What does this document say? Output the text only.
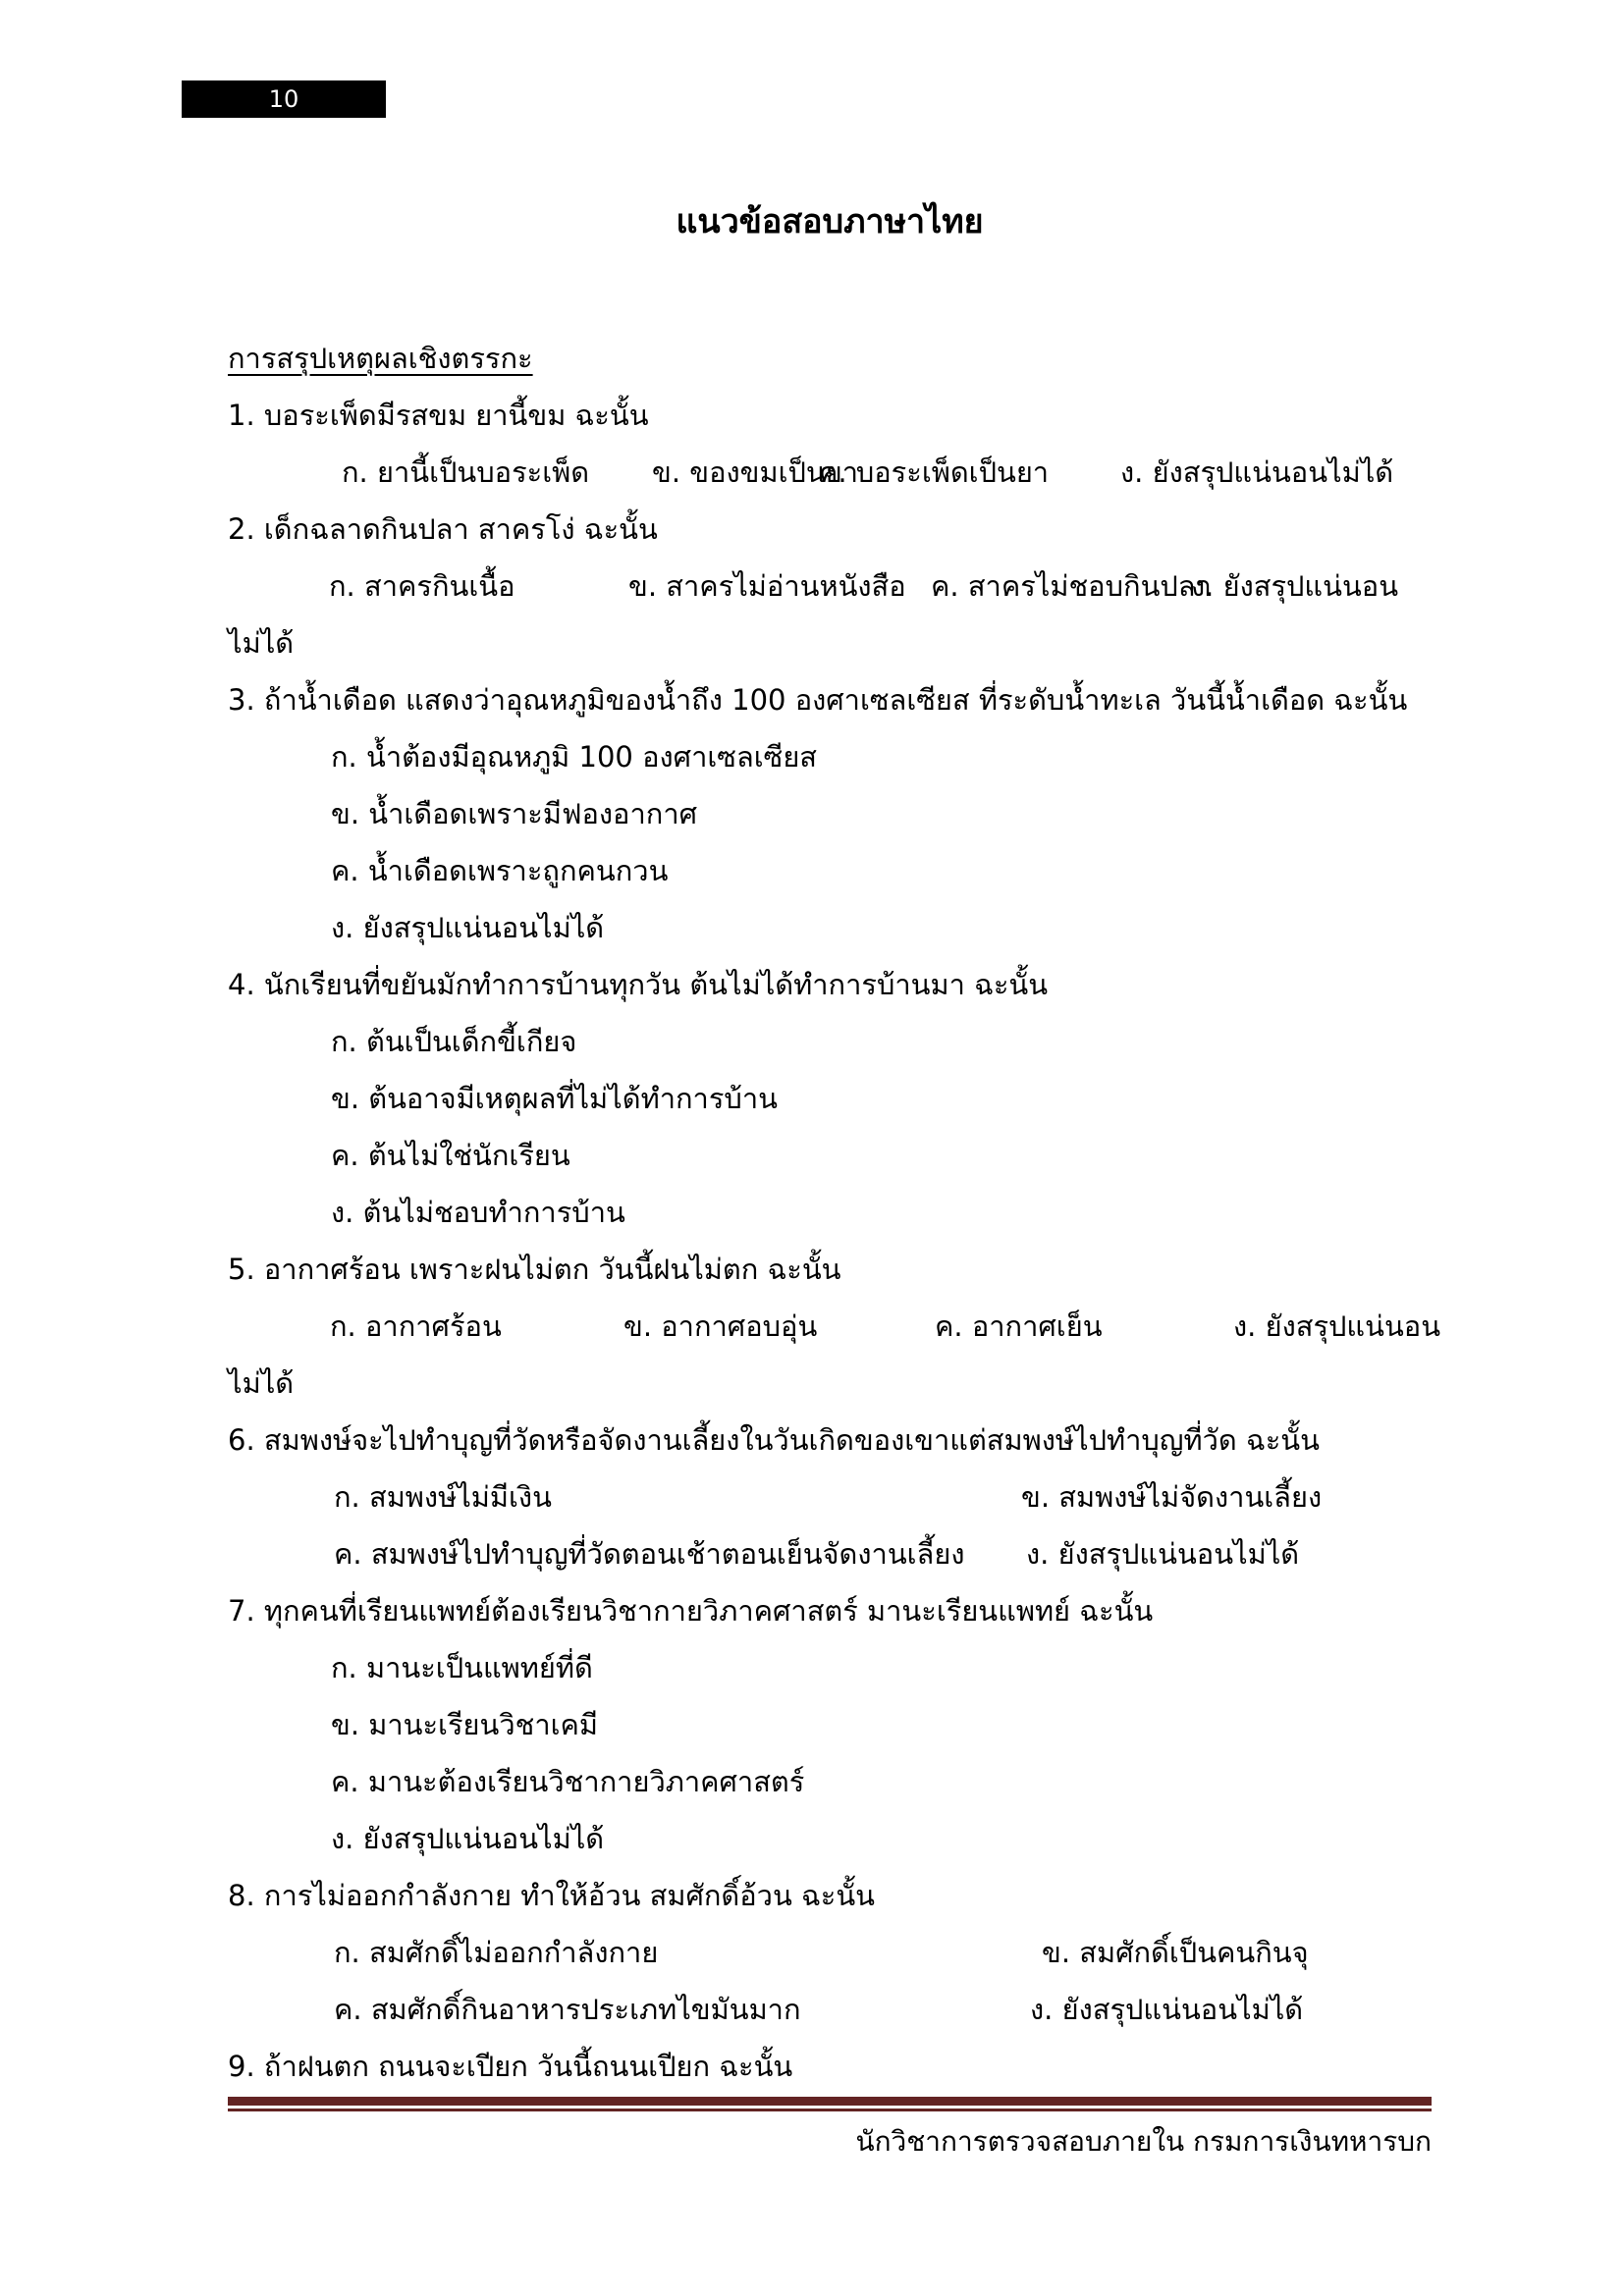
10
แนวข้อสอบภาษาไทย
การสรุปเหตุผลเชิงตรรกะ
1. บอระเพ็ดมีรสขม ยานี้ขม ฉะนั้น
ก. ยานี้เป็นบอระเพ็ด ข. ของขมเป็นยา
ค. บอระเพ็ดเป็นยา	ง. ยังสรุปแน่นอนไม่ได้
2. เด็กฉลาดกินปลา สาครโง่ ฉะนั้น
ก. สาครกินเนื้อ	ข. สาครไม่อ่านหนังสือ ค. สาครไม่ชอบกินปลา
ง. ยังสรุปแน่นอน
ไม่ได้
3. ถ้าน้ำเดือด แสดงว่าอุณหภูมิของน้ำถึง 100 องศาเซลเซียส ที่ระดับน้ำทะเล วันนี้น้ำเดือด ฉะนั้น
ก. น้ำต้องมีอุณหภูมิ 100 องศาเซลเซียส
ข. น้ำเดือดเพราะมีฟองอากาศ
ค. น้ำเดือดเพราะถูกคนกวน
ง. ยังสรุปแน่นอนไม่ได้
4. นักเรียนที่ขยันมักทำการบ้านทุกวัน ต้นไม่ได้ทำการบ้านมา ฉะนั้น
ก. ต้นเป็นเด็กขี้เกียจ
ข. ต้นอาจมีเหตุผลที่ไม่ได้ทำการบ้าน
ค. ต้นไม่ใช่นักเรียน
ง. ต้นไม่ชอบทำการบ้าน
5. อากาศร้อน เพราะฝนไม่ตก วันนี้ฝนไม่ตก ฉะนั้น
ก. อากาศร้อน	ข. อากาศอบอุ่น	ค. อากาศเย็น	ง. ยังสรุปแน่นอน
ไม่ได้
6. สมพงษ์จะไปทำบุญที่วัดหรือจัดงานเลี้ยงในวันเกิดของเขาแต่สมพงษ์ไปทำบุญที่วัด ฉะนั้น
ก. สมพงษ์ไม่มีเงิน	ข. สมพงษ์ไม่จัดงานเลี้ยง
ค. สมพงษ์ไปทำบุญที่วัดตอนเช้าตอนเย็นจัดงานเลี้ยง ง. ยังสรุปแน่นอนไม่ได้
7. ทุกคนที่เรียนแพทย์ต้องเรียนวิชากายวิภาคศาสตร์ มานะเรียนแพทย์ ฉะนั้น
ก. มานะเป็นแพทย์ที่ดี
ข. มานะเรียนวิชาเคมี
ค. มานะต้องเรียนวิชากายวิภาคศาสตร์
ง. ยังสรุปแน่นอนไม่ได้
8. การไม่ออกกำลังกาย ทำให้อ้วน สมศักดิ์อ้วน ฉะนั้น
ก. สมศักดิ์ไม่ออกกำลังกาย	ข. สมศักดิ์เป็นคนกินจุ
ค. สมศักดิ์กินอาหารประเภทไขมันมาก	ง. ยังสรุปแน่นอนไม่ได้
9. ถ้าฝนตก ถนนจะเปียก วันนี้ถนนเปียก ฉะนั้น
นักวิชาการตรวจสอบภายใน กรมการเงินทหารบก
